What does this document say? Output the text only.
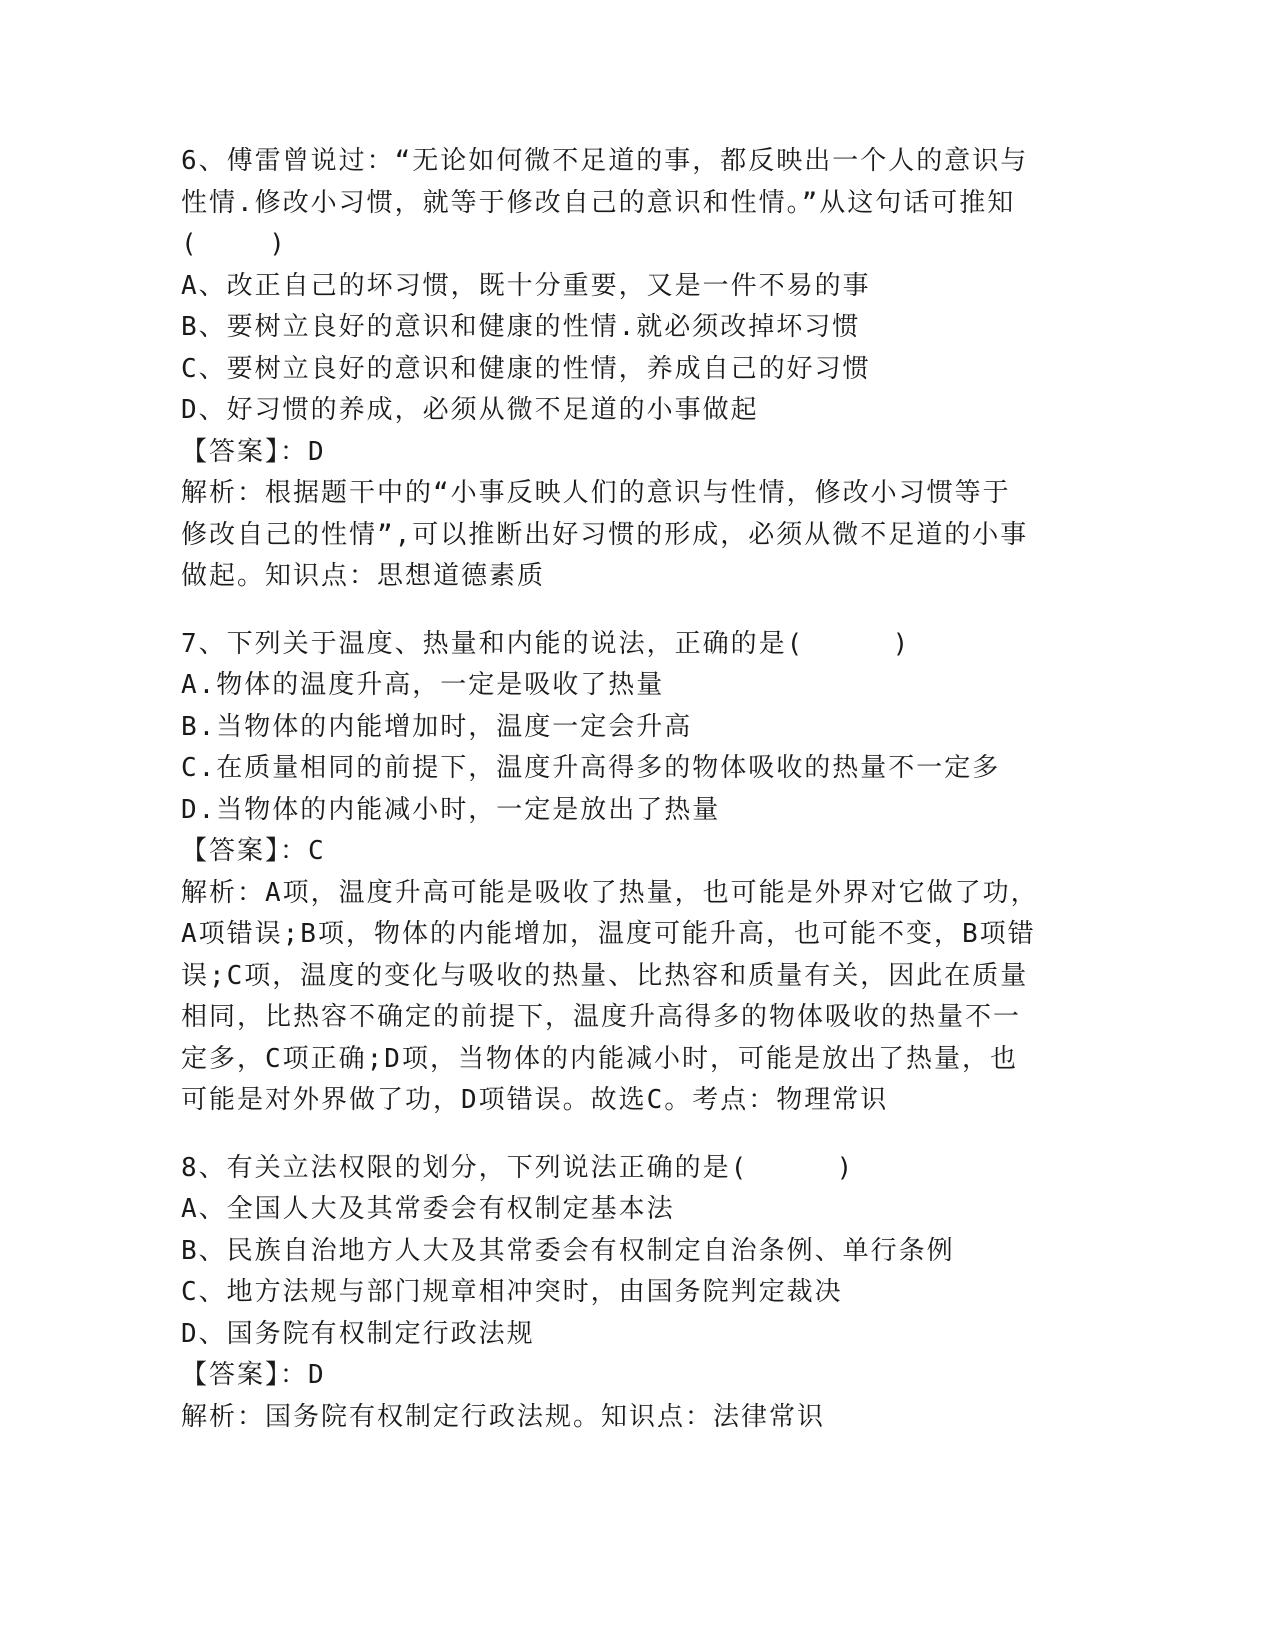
6、傅雷曾说过：“无论如何微不足道的事，都反映出一个人的意识与

性情.修改小习惯，就等于修改自己的意识和性情。”从这句话可推知

(    )

A、改正自己的坏习惯，既十分重要，又是一件不易的事

B、要树立良好的意识和健康的性情.就必须改掉坏习惯

C、要树立良好的意识和健康的性情，养成自己的好习惯

D、好习惯的养成，必须从微不足道的小事做起

【答案】：D

解析：根据题干中的“小事反映人们的意识与性情，修改小习惯等于

修改自己的性情”,可以推断出好习惯的形成，必须从微不足道的小事

做起。知识点：思想道德素质

7、下列关于温度、热量和内能的说法，正确的是(     )

A.物体的温度升高，一定是吸收了热量

B.当物体的内能增加时，温度一定会升高

C.在质量相同的前提下，温度升高得多的物体吸收的热量不一定多

D.当物体的内能减小时，一定是放出了热量

【答案】：C

解析：A项，温度升高可能是吸收了热量，也可能是外界对它做了功，

A项错误;B项，物体的内能增加，温度可能升高，也可能不变，B项错

误;C项，温度的变化与吸收的热量、比热容和质量有关，因此在质量

相同，比热容不确定的前提下，温度升高得多的物体吸收的热量不一

定多，C项正确;D项，当物体的内能减小时，可能是放出了热量，也

可能是对外界做了功，D项错误。故选C。考点：物理常识

8、有关立法权限的划分，下列说法正确的是(     )

A、全国人大及其常委会有权制定基本法

B、民族自治地方人大及其常委会有权制定自治条例、单行条例

C、地方法规与部门规章相冲突时，由国务院判定裁决

D、国务院有权制定行政法规

【答案】：D

解析：国务院有权制定行政法规。知识点：法律常识
